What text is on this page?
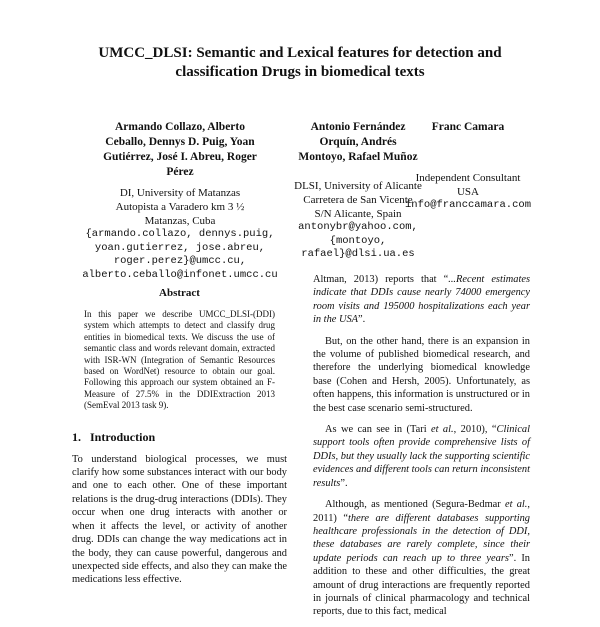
UMCC_DLSI: Semantic and Lexical features for detection and
classification Drugs in biomedical texts
Armando Collazo, Alberto
Ceballo, Dennys D. Puig, Yoan
Gutiérrez, José I. Abreu, Roger
Pérez
DI, University of Matanzas
Autopista a Varadero km 3 ½
Matanzas, Cuba
{armando.collazo, dennys.puig,
yoan.gutierrez, jose.abreu,
roger.perez}@umcc.cu,
alberto.ceballo@infonet.umcc.cu
Antonio Fernández
Orquín, Andrés
Montoyo, Rafael Muñoz
DLSI, University of Alicante
Carretera de San Vicente
S/N Alicante, Spain
antonybr@yahoo.com,
{montoyo,
rafael}@dlsi.ua.es
Franc Camara
Independent Consultant
USA
info@franccamara.com
Abstract

In this paper we describe UMCC_DLSI-(DDI) system which attempts to detect and classify drug entities in biomedical texts. We discuss the use of semantic class and words relevant domain, extracted with ISR-WN (Integration of Semantic Resources based on WordNet) resource to obtain our goal. Following this approach our system obtained an F-Measure of 27.5% in the DDIExtraction 2013 (SemEval 2013 task 9).

1. Introduction

To understand biological processes, we must clarify how some substances interact with our body and one to each other. One of these important relations is the drug-drug interactions (DDIs). They occur when one drug interacts with another or when it affects the level, or activity of another drug. DDIs can change the way medications act in the body, they can cause powerful, dangerous and unexpected side effects, and also they can make the medications less effective.

Altman, 2013) reports that “...Recent estimates indicate that DDIs cause nearly 74000 emergency room visits and 195000 hospitalizations each year in the USA”.

But, on the other hand, there is an expansion in the volume of published biomedical research, and therefore the underlying biomedical knowledge base (Cohen and Hersh, 2005). Unfortunately, as often happens, this information is unstructured or in the best case scenario semi-structured.

As we can see in (Tari et al., 2010), “Clinical support tools often provide comprehensive lists of DDIs, but they usually lack the supporting scientific evidences and different tools can return inconsistent results”.

Although, as mentioned (Segura-Bedmar et al., 2011) “there are different databases supporting healthcare professionals in the detection of DDI, these databases are rarely complete, since their update periods can reach up to three years”. In addition to these and other difficulties, the great amount of drug interactions are frequently reported in journals of clinical pharmacology and technical reports, due to this fact, medical
